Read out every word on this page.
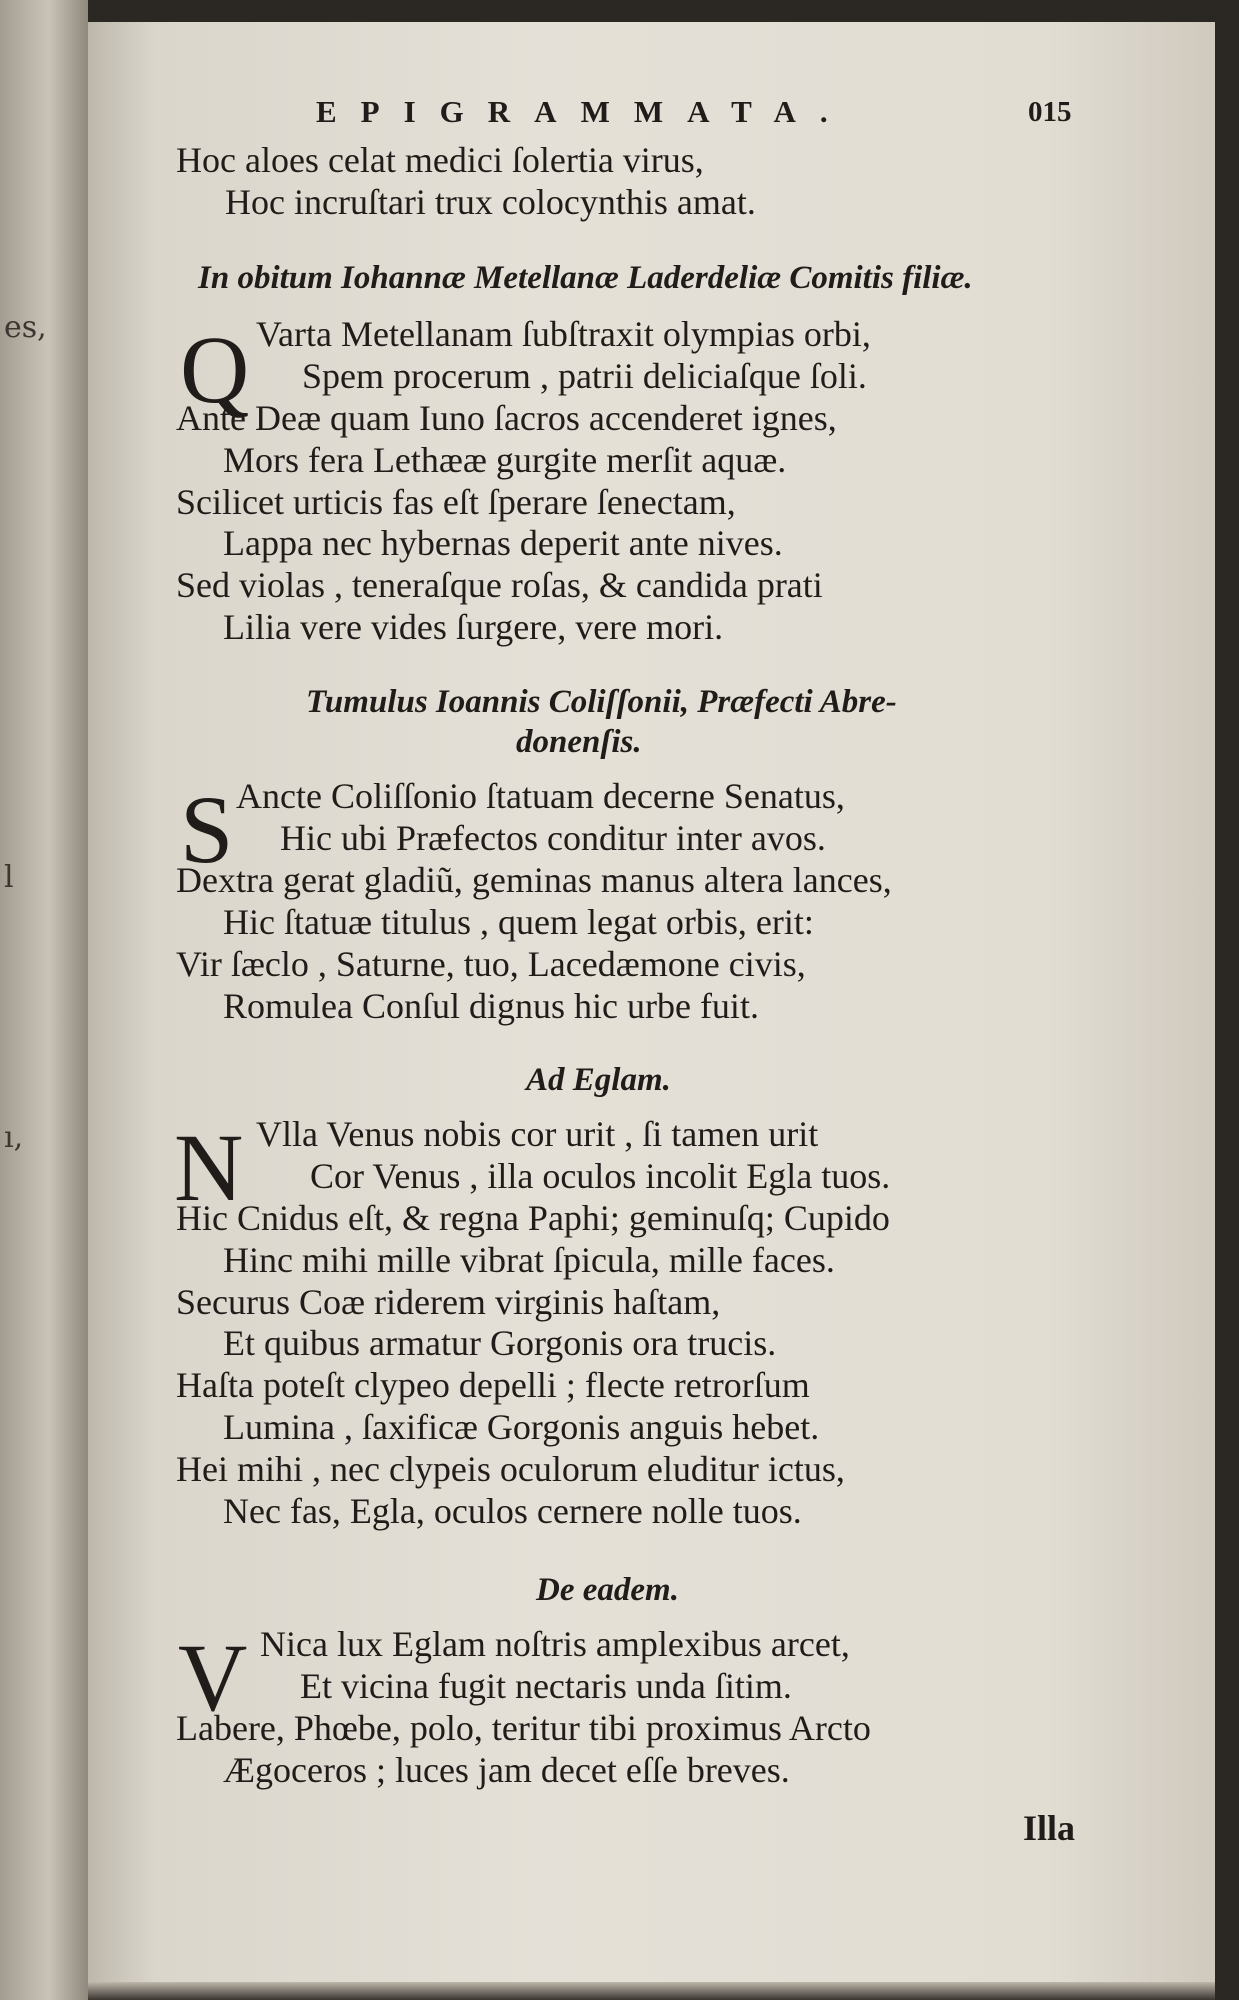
es,
l
ı,
EPIGRAMMATA.	015
Hoc aloes celat medici ſolertia virus,
Hoc incruſtari trux colocynthis amat.
In obitum Iohannæ Metellanæ Laderdeliæ Comitis filiæ.
Q Varta Metellanam ſubſtraxit olympias orbi,
Spem procerum , patrii deliciaſque ſoli.
Ante Deæ quam Iuno ſacros accenderet ignes,
Mors fera Lethææ gurgite merſit aquæ.
Scilicet urticis fas eſt ſperare ſenectam,
Lappa nec hybernas deperit ante nives.
Sed violas , teneraſque roſas, & candida prati
Lilia vere vides ſurgere, vere mori.
Tumulus Ioannis Coliſſonii, Præfecti Abre-
donenſis.
S Ancte Coliſſonio ſtatuam decerne Senatus,
Hic ubi Præfectos conditur inter avos.
Dextra gerat gladiũ, geminas manus altera lances,
Hic ſtatuæ titulus , quem legat orbis, erit:
Vir ſæclo , Saturne, tuo, Lacedæmone civis,
Romulea Conſul dignus hic urbe fuit.
Ad Eglam.
N Vlla Venus nobis cor urit , ſi tamen urit
Cor Venus , illa oculos incolit Egla tuos.
Hic Cnidus eſt, & regna Paphi; geminuſq; Cupido
Hinc mihi mille vibrat ſpicula, mille faces.
Securus Coæ riderem virginis haſtam,
Et quibus armatur Gorgonis ora trucis.
Haſta poteſt clypeo depelli ; flecte retrorſum
Lumina , ſaxificæ Gorgonis anguis hebet.
Hei mihi , nec clypeis oculorum eluditur ictus,
Nec fas, Egla, oculos cernere nolle tuos.
De eadem.
V Nica lux Eglam noſtris amplexibus arcet,
Et vicina fugit nectaris unda ſitim.
Labere, Phœbe, polo, teritur tibi proximus Arcto
Ægoceros ; luces jam decet eſſe breves.
Illa
